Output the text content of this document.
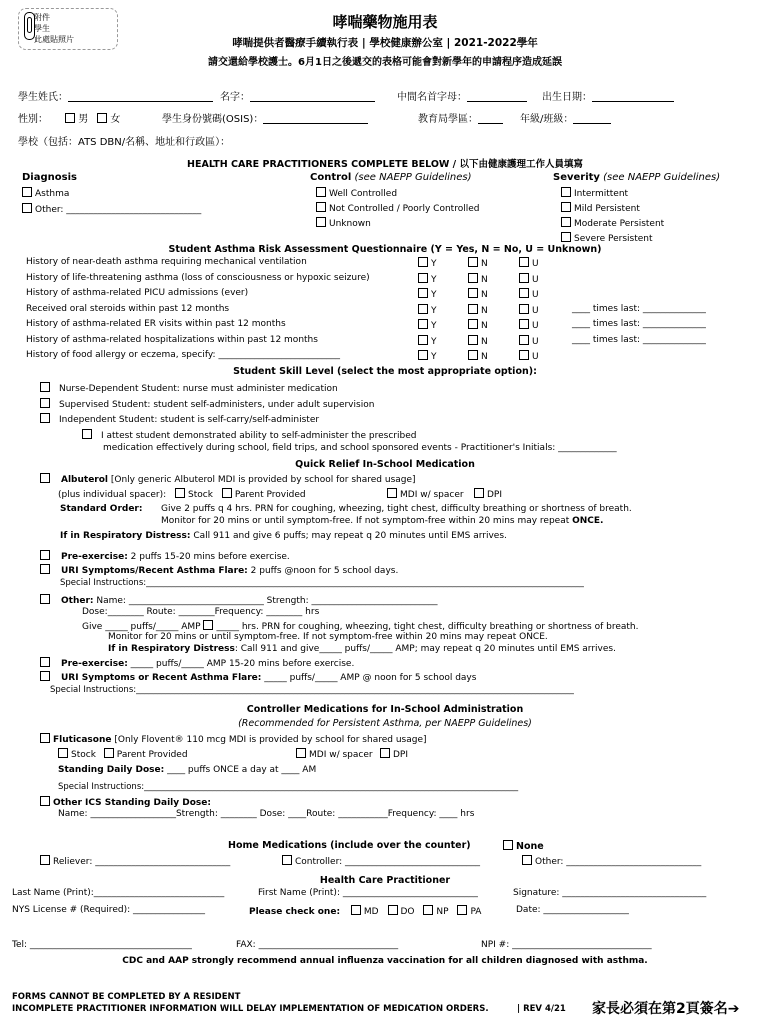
附件
學生
此處貼照片
哮喘藥物施用表
哮喘提供者醫療手續執行表 | 學校健康辦公室 | 2021-2022學年
請交還給學校護士。6月1日之後遞交的表格可能會對新學年的申請程序造成延誤
學生姓氏：	名字：	中間名首字母：	出生日期：
性別：	男 女	學生身份號碼(OSIS)：	教育局學區：	年級/班級：
學校（包括：ATS DBN/名稱、地址和行政區）：
HEALTH CARE PRACTITIONERS COMPLETE BELOW / 以下由健康護理工作人員填寫
Diagnosis
Asthma
Other: ______________________________
Control (see NAEPP Guidelines)
Well Controlled
Not Controlled / Poorly Controlled
Unknown
Severity (see NAEPP Guidelines)
Intermittent
Mild Persistent
Moderate Persistent
Severe Persistent
Student Asthma Risk Assessment Questionnaire (Y = Yes, N = No, U = Unknown)
History of near-death asthma requiring mechanical ventilation	Y	N	U
History of life-threatening asthma (loss of consciousness or hypoxic seizure)	Y	N	U
History of asthma-related PICU admissions (ever)	Y	N	U
Received oral steroids within past 12 months	Y	N	U	____ times last: ______________
History of asthma-related ER visits within past 12 months	Y	N	U	____ times last: ______________
History of asthma-related hospitalizations within past 12 months	Y	N	U	____ times last: ______________
History of food allergy or eczema, specify: ___________________________	Y	N	U
Student Skill Level (select the most appropriate option):
Nurse-Dependent Student: nurse must administer medication
Supervised Student: student self-administers, under adult supervision
Independent Student: student is self-carry/self-administer
I attest student demonstrated ability to self-administer the prescribed
medication effectively during school, field trips, and school sponsored events - Practitioner's Initials: _____________
Quick Relief In-School Medication
Albuterol [Only generic Albuterol MDI is provided by school for shared usage]
(plus individual spacer): Stock Parent Provided	MDI w/ spacer	DPI
Standard Order: Give 2 puffs q 4 hrs. PRN for coughing, wheezing, tight chest, difficulty breathing or shortness of breath.
Monitor for 20 mins or until symptom-free. If not symptom-free within 20 mins may repeat ONCE.
If in Respiratory Distress: Call 911 and give 6 puffs; may repeat q 20 minutes until EMS arrives.
Pre-exercise: 2 puffs 15-20 mins before exercise.
URI Symptoms/Recent Asthma Flare: 2 puffs @noon for 5 school days.
Special Instructions:_______________________________________________________________________________________________________
Other: Name: ______________________________ Strength: ____________________________
Dose:________ Route: ________Frequency: ________ hrs
Give _____ puffs/_____ AMP _____ hrs. PRN for coughing, wheezing, tight chest, difficulty breathing or shortness of breath.
Monitor for 20 mins or until symptom-free. If not symptom-free within 20 mins may repeat ONCE.
If in Respiratory Distress: Call 911 and give_____ puffs/_____ AMP; may repeat q 20 minutes until EMS arrives.
Pre-exercise: _____ puffs/_____ AMP 15-20 mins before exercise.
URI Symptoms or Recent Asthma Flare: _____ puffs/_____ AMP @ noon for 5 school days
Special Instructions:_______________________________________________________________________________________________________
Controller Medications for In-School Administration
(Recommended for Persistent Asthma, per NAEPP Guidelines)
Fluticasone [Only Flovent® 110 mcg MDI is provided by school for shared usage]
Stock Parent Provided	MDI w/ spacer	DPI
Standing Daily Dose: ____ puffs ONCE a day at ____ AM
Special Instructions:________________________________________________________________________________________
Other ICS Standing Daily Dose:
Name: ___________________Strength: ________ Dose: ____Route: ___________Frequency: ____ hrs
Home Medications (include over the counter)	None
Reliever: ______________________________	Controller: ______________________________	Other: ______________________________
Health Care Practitioner
Last Name (Print):_____________________________	First Name (Print): ______________________________	Signature: ________________________________
NYS License # (Required): ________________	Please check one:	MD DO NP PA	Date: ___________________
Tel: ____________________________________	FAX: _______________________________	NPI #: _______________________________
CDC and AAP strongly recommend annual influenza vaccination for all children diagnosed with asthma.
FORMS CANNOT BE COMPLETED BY A RESIDENT
INCOMPLETE PRACTITIONER INFORMATION WILL DELAY IMPLEMENTATION OF MEDICATION ORDERS.	| REV 4/21 家長必須在第2頁簽名➔
